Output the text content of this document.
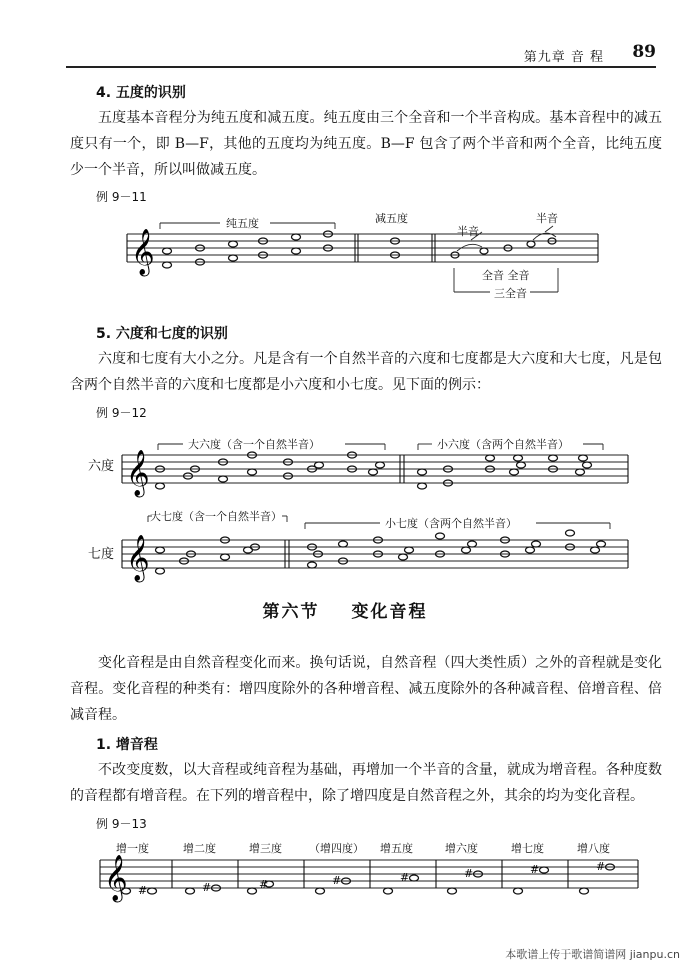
第九章 音 程 89
4. 五度的识别
五度基本音程分为纯五度和减五度。纯五度由三个全音和一个半音构成。基本音程中的减五度只有一个，即 B—F，其他的五度均为纯五度。B—F 包含了两个半音和两个全音，比纯五度少一个半音，所以叫做减五度。
例 9－11
𝄞
纯五度	减五度
半音
半音
全音 全音
三全音
5. 六度和七度的识别
六度和七度有大小之分。凡是含有一个自然半音的六度和七度都是大六度和大七度，凡是包含两个自然半音的六度和七度都是小六度和小七度。见下面的例示：
例 9－12
六度
七度
𝄞
大六度（含一个自然半音）	小六度（含两个自然半音）
𝄞
大七度（含一个自然半音）
小七度（含两个自然半音）
第六节 变化音程
变化音程是由自然音程变化而来。换句话说，自然音程（四大类性质）之外的音程就是变化音程。变化音程的种类有：增四度除外的各种增音程、减五度除外的各种减音程、倍增音程、倍减音程。
1. 增音程
不改变度数，以大音程或纯音程为基础，再增加一个半音的含量，就成为增音程。各种度数的音程都有增音程。在下列的增音程中，除了增四度是自然音程之外，其余的均为变化音程。
例 9－13
增一度	增二度	增三度 （增四度） 增五度	增六度	增七度	增八度
𝄞 #	#	#	#	#	#	#	#
本歌谱上传于歌谱简谱网 jianpu.cn
